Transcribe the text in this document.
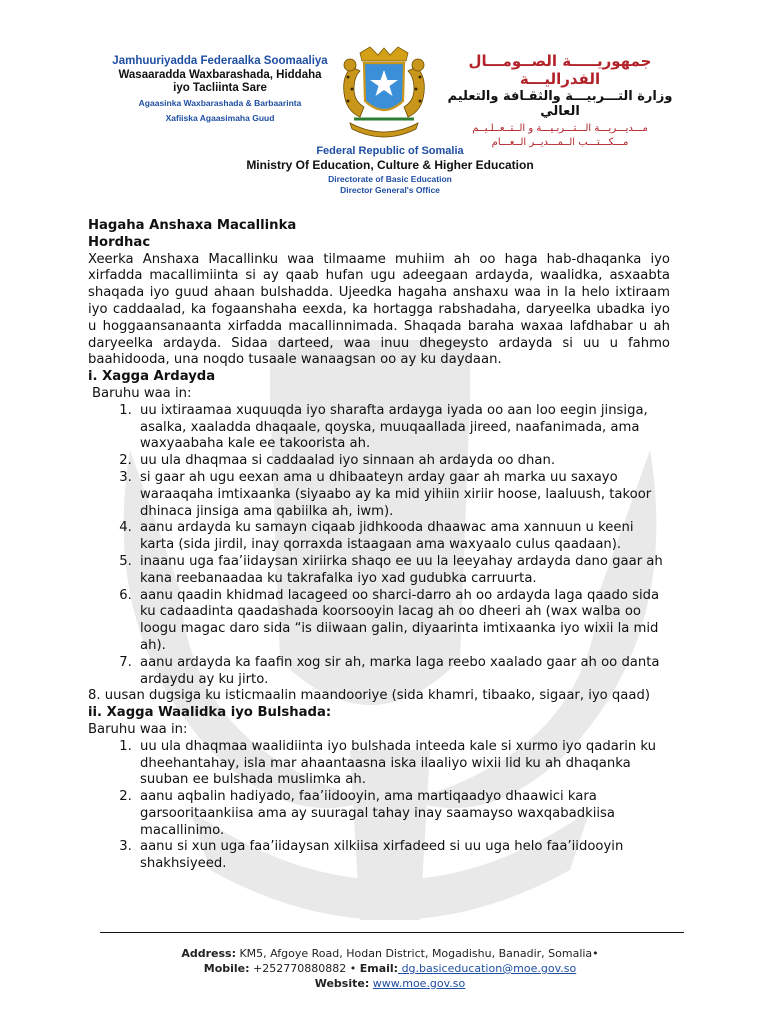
Jamhuuriyadda Federaalka Soomaaliya
Wasaaradda Waxbarashada, Hiddaha
iyo Tacliinta Sare
Agaasinka Waxbarashada & Barbaarinta
Xafiiska Agaasimaha Guud
جمهوريـــــة الصــومـــال الفدراليـــة
وزارة التـــربيـــة والثقـافة والتعليم العالي
مـــديـــريـــة الـــتـــربـيـــة و الــتــعــلـيــم
مـــكـــتـــب الــمـــديــر الــعـــام
Federal Republic of Somalia
Ministry Of Education, Culture & Higher Education
Directorate of Basic Education
Director General's Office
Hagaha Anshaxa Macallinka
Hordhac

Xeerka Anshaxa Macallinku waa tilmaame muhiim ah oo haga hab-dhaqanka iyo xirfadda macallimiinta si ay qaab hufan ugu adeegaan ardayda, waalidka, asxaabta shaqada iyo guud ahaan bulshadda. Ujeedka hagaha anshaxu waa in la helo ixtiraam iyo caddaalad, ka fogaanshaha eexda, ka hortagga rabshadaha, daryeelka ubadka iyo u hoggaansanaanta xirfadda macallinnimada. Shaqada baraha waxaa lafdhabar u ah daryeelka ardayda. Sidaa darteed, waa inuu dhegeysto ardayda si uu u fahmo baahidooda, una noqdo tusaale wanaagsan oo ay ku daydaan.

i. Xagga Ardayda
Baruhu waa in:
1. uu ixtiraamaa xuquuqda iyo sharafta ardayga iyada oo aan loo eegin jinsiga, asalka, xaaladda dhaqaale, qoyska, muuqaallada jireed, naafanimada, ama waxyaabaha kale ee takoorista ah.
2. uu ula dhaqmaa si caddaalad iyo sinnaan ah ardayda oo dhan.
3. si gaar ah ugu eexan ama u dhibaateyn arday gaar ah marka uu saxayo waraaqaha imtixaanka (siyaabo ay ka mid yihiin xiriir hoose, laaluush, takoor dhinaca jinsiga ama qabiilka ah, iwm).
4. aanu ardayda ku samayn ciqaab jidhkooda dhaawac ama xannuun u keeni karta (sida jirdil, inay qorraxda istaagaan ama waxyaalo culus qaadaan).
5. inaanu uga faa’iidaysan xiriirka shaqo ee uu la leeyahay ardayda dano gaar ah kana reebanaadaa ku takrafalka iyo xad gudubka carruurta.
6. aanu qaadin khidmad lacageed oo sharci-darro ah oo ardayda laga qaado sida ku cadaadinta qaadashada koorsooyin lacag ah oo dheeri ah (wax walba oo loogu magac daro sida “is diiwaan galin, diyaarinta imtixaanka iyo wixii la mid ah).
7. aanu ardayda ka faafin xog sir ah, marka laga reebo xaalado gaar ah oo danta ardaydu ay ku jirto.

8. uusan dugsiga ku isticmaalin maandooriye (sida khamri, tibaako, sigaar, iyo qaad)

ii. Xagga Waalidka iyo Bulshada:
Baruhu waa in:
1. uu ula dhaqmaa waalidiinta iyo bulshada inteeda kale si xurmo iyo qadarin ku dheehantahay, isla mar ahaantaasna iska ilaaliyo wixii lid ku ah dhaqanka suuban ee bulshada muslimka ah.
2. aanu aqbalin hadiyado, faa’iidooyin, ama martiqaadyo dhaawici kara garsooritaankiisa ama ay suuragal tahay inay saamayso waxqabadkiisa macallinimo.
3. aanu si xun uga faa’iidaysan xilkiisa xirfadeed si uu uga helo faa’iidooyin shakhsiyeed.
Address: KM5, Afgoye Road, Hodan District, Mogadishu, Banadir, Somalia•
Mobile: +252770880882 • Email: dg.basiceducation@moe.gov.so
Website: www.moe.gov.so
